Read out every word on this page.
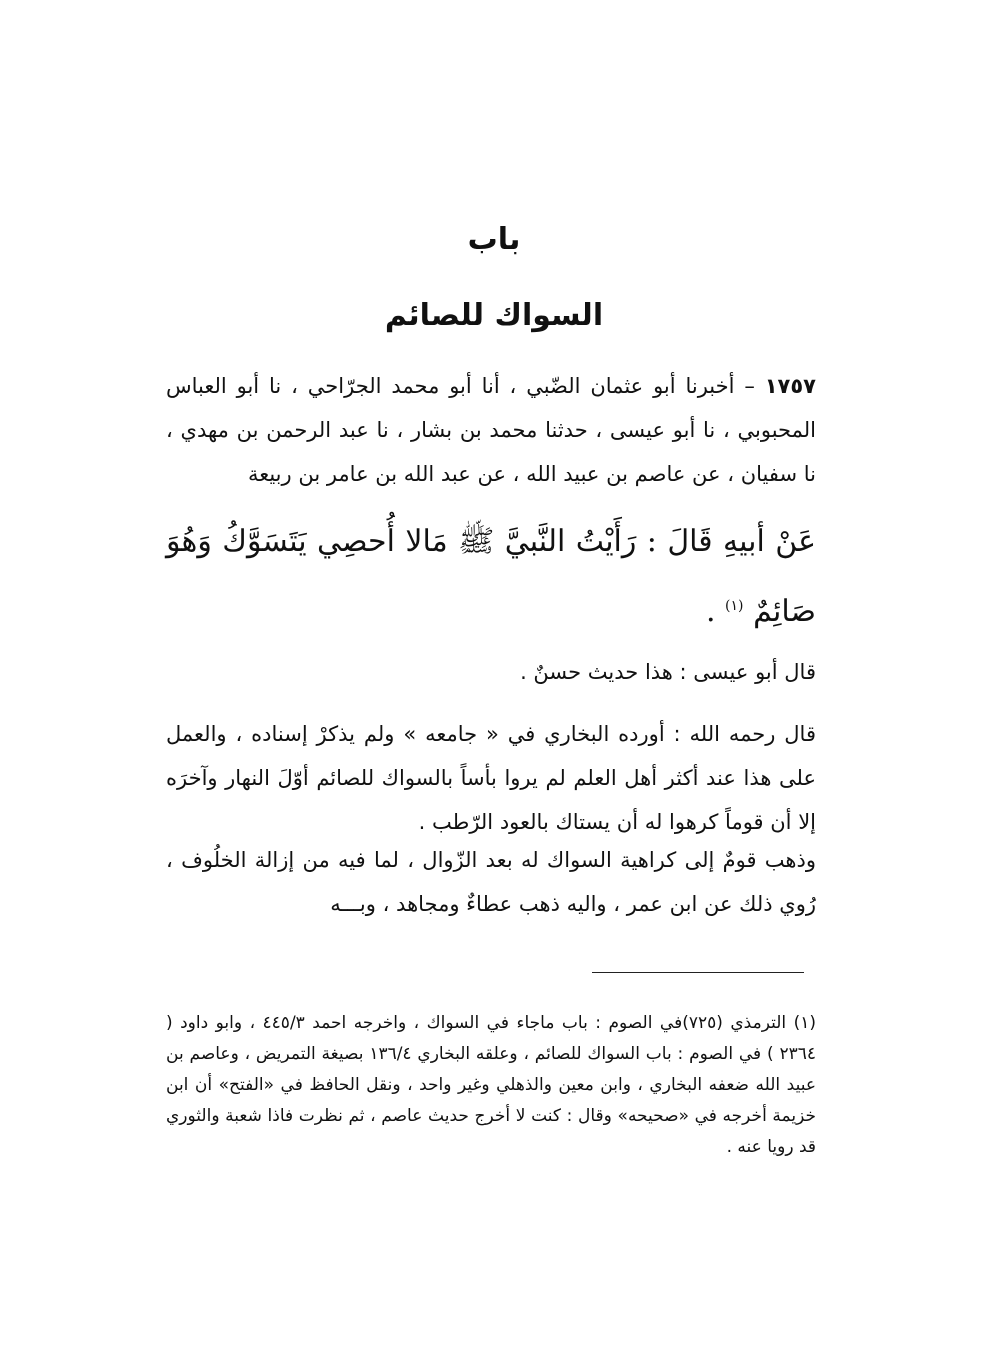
باب
السواك للصائم
١٧٥٧ – أخبرنا أبو عثمان الضّبي ، أنا أبو محمد الجرّاحي ، نا أبو العباس المحبوبي ، نا أبو عيسى ، حدثنا محمد بن بشار ، نا عبد الرحمن بن مهدي ، نا سفيان ، عن عاصم بن عبيد الله ، عن عبد الله بن عامر بن ربيعة
عَنْ أبيهِ قَالَ : رَأَيْتُ النَّبيَّ ﷺ مَالا أُحصِي يَتَسَوَّكُ وَهُوَ صَائِمٌ $^{(١)}$ .
قال أبو عيسى : هذا حديث حسنٌ .
قال رحمه الله : أورده البخاري في « جامعه » ولم يذكرْ إسناده ، والعمل على هذا عند أكثر أهل العلم لم يروا بأساً بالسواك للصائم أوّلَ النهار وآخرَه إلا أن قوماً كرهوا له أن يستاك بالعود الرّطب .
وذهب قومٌ إلى كراهية السواك له بعد الزّوال ، لما فيه من إزالة الخلُوف ، رُوي ذلك عن ابن عمر ، واليه ذهب عطاءٌ ومجاهد ، وبـــه
(١) الترمذي (٧٢٥)في الصوم : باب ماجاء في السواك ، واخرجه احمد ٤٤٥/٣ ، وابو داود ( ٢٣٦٤ ) في الصوم : باب السواك للصائم ، وعلقه البخاري ١٣٦/٤ بصيغة التمريض ، وعاصم بن عبيد الله ضعفه البخاري ، وابن معين والذهلي وغير واحد ، ونقل الحافظ في «الفتح» أن ابن خزيمة أخرجه في «صحيحه» وقال : كنت لا أخرج حديث عاصم ، ثم نظرت فاذا شعبة والثوري قد رويا عنه .
